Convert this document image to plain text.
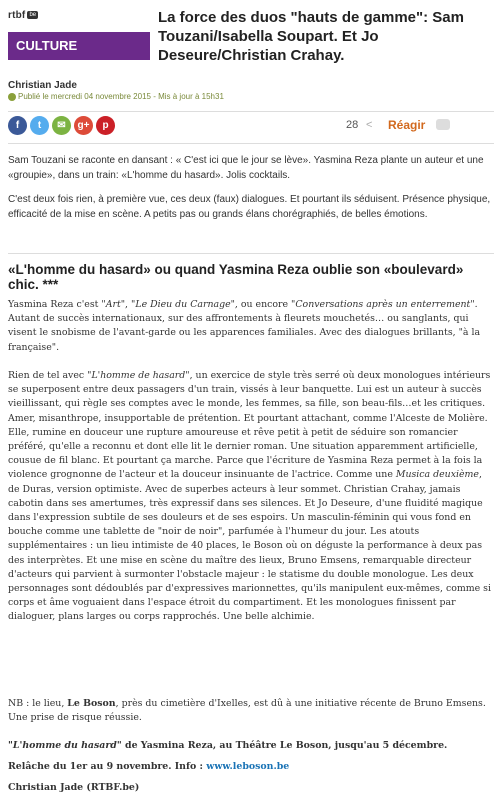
rtbf be
CULTURE
La force des duos "hauts de gamme": Sam Touzani/Isabella Soupart. Et Jo Deseure/Christian Crahay.
Christian Jade
Publié le mercredi 04 novembre 2015 - Mis à jour à 15h31
f	t	✉	g+	p	28 < Réagir

Sam Touzani se raconte en dansant : « C'est ici que le jour se lève». Yasmina Reza plante un auteur et une «groupie», dans un train: «L'homme du hasard». Jolis cocktails.

C'est deux fois rien, à première vue, ces deux (faux) dialogues. Et pourtant ils séduisent. Présence physique, efficacité de la mise en scène. A petits pas ou grands élans chorégraphiés, de belles émotions.

«L'homme du hasard» ou quand Yasmina Reza oublie son «boulevard» chic. ***

Yasmina Reza c'est "Art", "Le Dieu du Carnage", ou encore "Conversations après un enterrement". Autant de succès internationaux, sur des affrontements à fleurets mouchetés… ou sanglants, qui visent le snobisme de l'avant-garde ou les apparences familiales. Avec des dialogues brillants, "à la française".

Rien de tel avec "L'homme de hasard", un exercice de style très serré où deux monologues intérieurs se superposent entre deux passagers d'un train, vissés à leur banquette. Lui est un auteur à succès vieillissant, qui règle ses comptes avec le monde, les femmes, sa fille, son beau-fils…et les critiques. Amer, misanthrope, insupportable de prétention. Et pourtant attachant, comme l'Alceste de Molière. Elle, rumine en douceur une rupture amoureuse et rêve petit à petit de séduire son romancier préféré, qu'elle a reconnu et dont elle lit le dernier roman. Une situation apparemment artificielle, cousue de fil blanc. Et pourtant ça marche. Parce que l'écriture de Yasmina Reza permet à la fois la violence grognonne de l'acteur et la douceur insinuante de l'actrice. Comme une Musica deuxième, de Duras, version optimiste. Avec de superbes acteurs à leur sommet. Christian Crahay, jamais cabotin dans ses amertumes, très expressif dans ses silences. Et Jo Deseure, d'une fluidité magique dans l'expression subtile de ses douleurs et de ses espoirs. Un masculin-féminin qui vous fond en bouche comme une tablette de "noir de noir", parfumée à l'humeur du jour. Les atouts supplémentaires : un lieu intimiste de 40 places, le Boson où on déguste la performance à deux pas des interprètes. Et une mise en scène du maître des lieux, Bruno Emsens, remarquable directeur d'acteurs qui parvient à surmonter l'obstacle majeur : le statisme du double monologue. Les deux personnages sont dédoublés par d'expressives marionnettes, qu'ils manipulent eux-mêmes, comme si corps et âme voguaient dans l'espace étroit du compartiment. Et les monologues finissent par dialoguer, plans larges ou corps rapprochés. Une belle alchimie.

NB : le lieu, Le Boson, près du cimetière d'Ixelles, est dû à une initiative récente de Bruno Emsens. Une prise de risque réussie.

"L'homme du hasard" de Yasmina Reza, au Théâtre Le Boson, jusqu'au 5 décembre.

Relâche du 1er au 9 novembre. Info : www.leboson.be

Christian Jade (RTBF.be)
